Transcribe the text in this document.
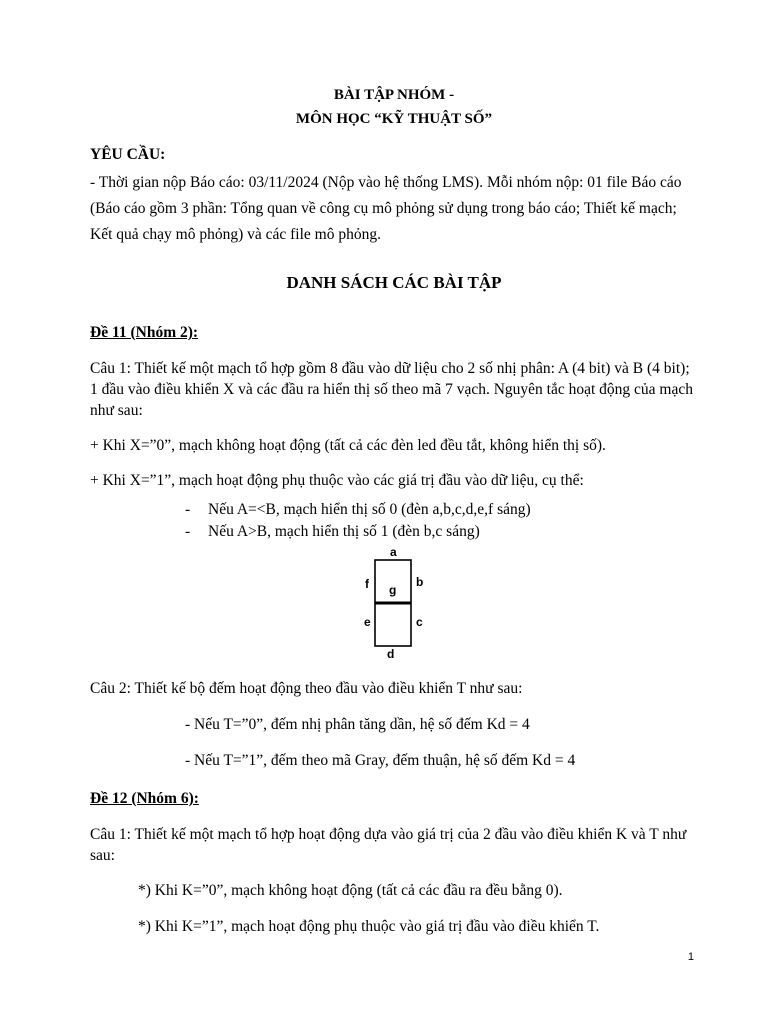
BÀI TẬP NHÓM -
MÔN HỌC “KỸ THUẬT SỐ”
YÊU CẦU:
- Thời gian nộp Báo cáo: 03/11/2024 (Nộp vào hệ thống LMS). Mỗi nhóm nộp: 01 file Báo cáo (Báo cáo gồm 3 phần: Tổng quan về công cụ mô phỏng sử dụng trong báo cáo; Thiết kế mạch; Kết quả chạy mô phỏng) và các file mô phỏng.
DANH SÁCH CÁC BÀI TẬP
Đề 11 (Nhóm 2):
Câu 1: Thiết kế một mạch tổ hợp gồm 8 đầu vào dữ liệu cho 2 số nhị phân: A (4 bit) và B (4 bit); 1 đầu vào điều khiển X và các đầu ra hiển thị số theo mã 7 vạch. Nguyên tắc hoạt động của mạch như sau:
+ Khi X=”0”, mạch không hoạt động (tất cả các đèn led đều tắt, không hiển thị số).
+ Khi X=”1”, mạch hoạt động phụ thuộc vào các giá trị đầu vào dữ liệu, cụ thể:
-	Nếu A=<B, mạch hiển thị số 0 (đèn a,b,c,d,e,f sáng)
-	Nếu A>B, mạch hiển thị số 1 (đèn b,c sáng)
a
b
c
d
e
f g
Câu 2: Thiết kế bộ đếm hoạt động theo đầu vào điều khiển T như sau:
- Nếu T=”0”, đếm nhị phân tăng dần, hệ số đếm Kd = 4
- Nếu T=”1”, đếm theo mã Gray, đếm thuận, hệ số đếm Kd = 4
Đề 12 (Nhóm 6):
Câu 1: Thiết kế một mạch tổ hợp hoạt động dựa vào giá trị của 2 đầu vào điều khiển K và T như sau:
*) Khi K=”0”, mạch không hoạt động (tất cả các đầu ra đều bằng 0).
*) Khi K=”1”, mạch hoạt động phụ thuộc vào giá trị đầu vào điều khiển T.
1
